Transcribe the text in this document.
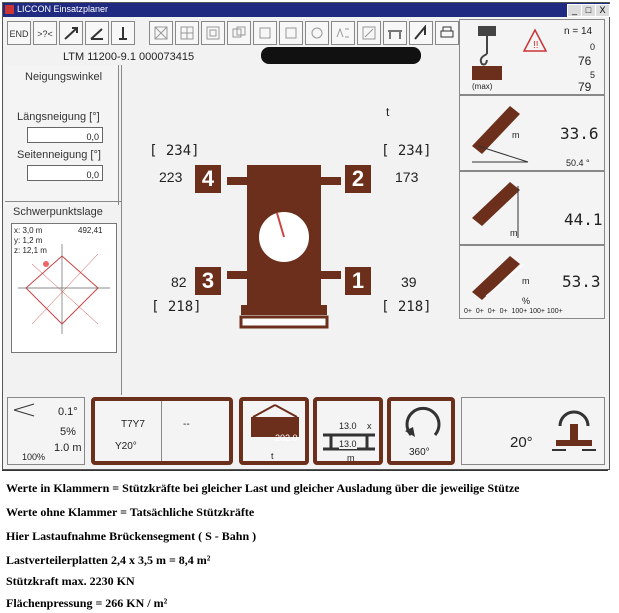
LICCON Einsatzplaner	_ □ X
END >?<
LTM 11200-9.1 000073415
Neigungswinkel
Längsneigung [°]
0,0
Seitenneigung [°]
0,0
Schwerpunktslage
x: 3,0 m
y: 1,2 m
z: 12,1 m
492,41
t
[ 234]	[ 234]
223	173
82	39
[ 218]	[ 218]
4	2
3	1
(max)
!!
n = 14
0
76
5
79
m	33.6
50.4 °
m
44.1
m
%
53.3
0+  0+  0+  0+  100+ 100+ 100+
0.1°
5%
1.0 m
100%
T7Y7
Y20°
--
202.0
t
13.0 x
13.0
m	360°
20°
Werte in Klammern = Stützkräfte bei gleicher Last und gleicher Ausladung über die jeweilige Stütze
Werte ohne Klammer = Tatsächliche Stützkräfte
Hier Lastaufnahme Brückensegment ( S - Bahn )
Lastverteilerplatten 2,4 x 3,5 m = 8,4 m²
Stützkraft max. 2230 KN
Flächenpressung = 266 KN / m²
